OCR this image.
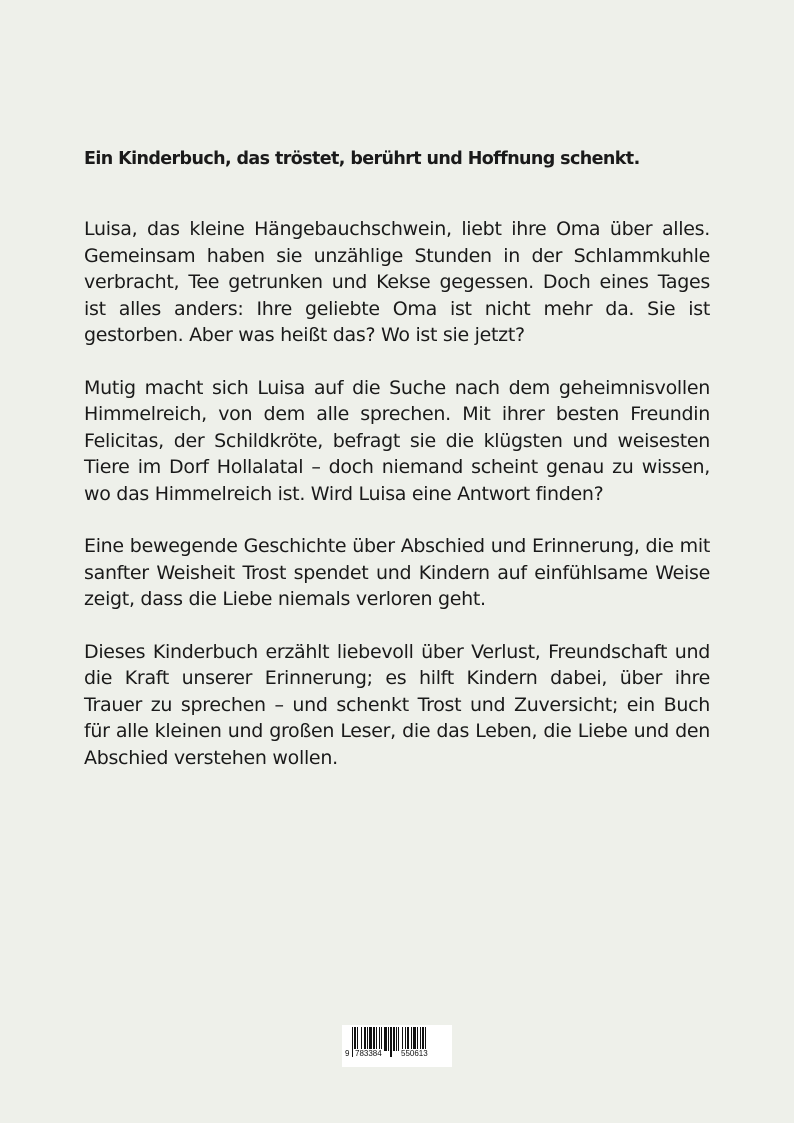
Ein Kinderbuch, das tröstet, berührt und Hoffnung schenkt.

Luisa, das kleine Hängebauchschwein, liebt ihre Oma über alles. Gemeinsam haben sie unzählige Stunden in der Schlammkuhle verbracht, Tee getrunken und Kekse gegessen. Doch eines Tages ist alles anders: Ihre geliebte Oma ist nicht mehr da. Sie ist gestorben. Aber was heißt das? Wo ist sie jetzt?

Mutig macht sich Luisa auf die Suche nach dem geheimnisvollen Himmelreich, von dem alle sprechen. Mit ihrer besten Freundin Felicitas, der Schildkröte, befragt sie die klügsten und weisesten Tiere im Dorf Hollalatal – doch niemand scheint genau zu wissen, wo das Himmelreich ist. Wird Luisa eine Antwort finden?

Eine bewegende Geschichte über Abschied und Erinnerung, die mit sanfter Weisheit Trost spendet und Kindern auf einfühlsame Weise zeigt, dass die Liebe niemals verloren geht.

Dieses Kinderbuch erzählt liebevoll über Verlust, Freundschaft und die Kraft unserer Erinnerung; es hilft Kindern dabei, über ihre Trauer zu sprechen – und schenkt Trost und Zuversicht; ein Buch für alle kleinen und großen Leser, die das Leben, die Liebe und den Abschied verstehen wollen.

9 783384 550613
